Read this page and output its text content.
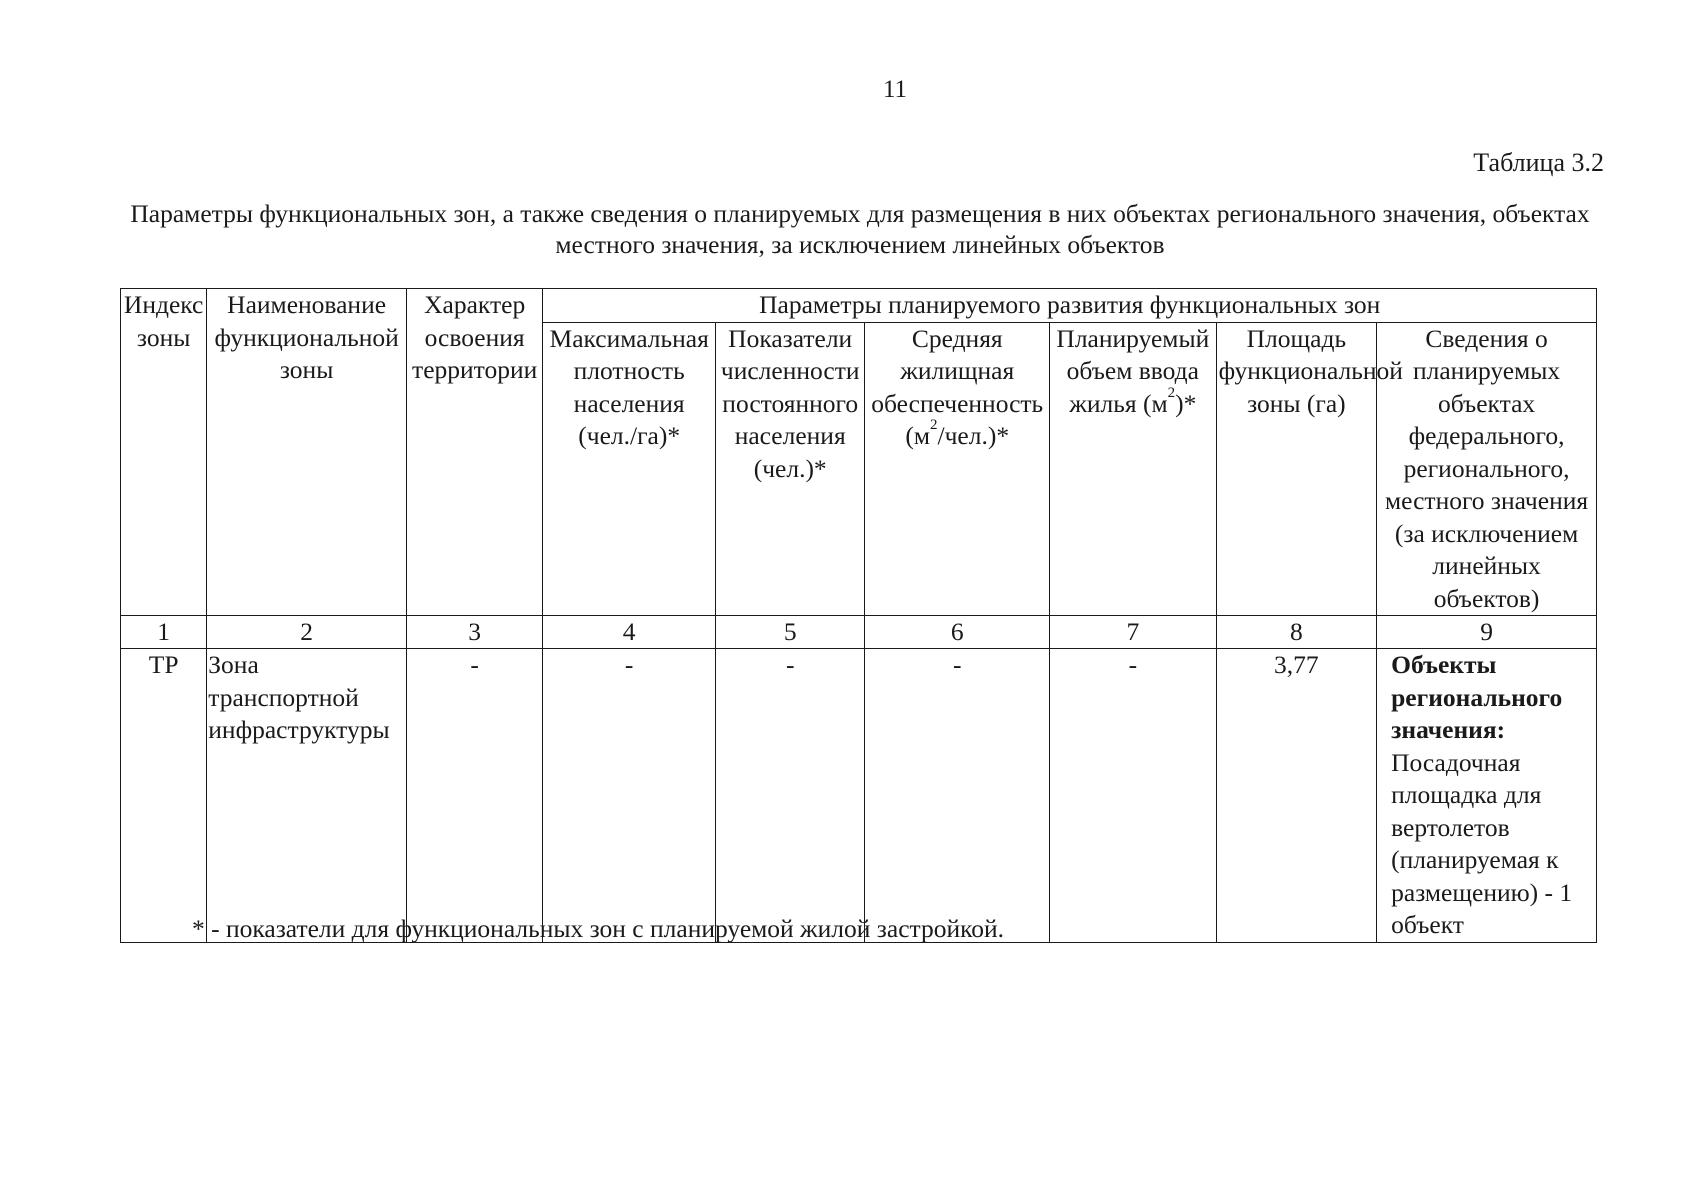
11
Таблица 3.2
Параметры функциональных зон, а также сведения о планируемых для размещения в них объектах регионального значения, объектах местного значения, за исключением линейных объектов
Индекс зоны	Наименование функциональной зоны	Характер освоения территории	Параметры планируемого развития функциональных зон					
			Максимальная плотность населения (чел./га)*	Показатели численности постоянного населения (чел.)*	Средняя жилищная обеспеченность $(м^2/чел.)*$	Планируемый объем ввода жилья $(м^2)*$	Площадь функциональной зоны (га)	Сведения о планируемых объектах федерального, регионального, местного значения (за исключением линейных объектов)
1	2	3	4	5	6	7	8	9
ТР	Зона транспортной инфраструктуры	-	-	-	-	-	3,77	Объекты регионального значения:
Посадочная площадка для вертолетов (планируемая к размещению) - 1 объект
* - показатели для функциональных зон с планируемой жилой застройкой.
